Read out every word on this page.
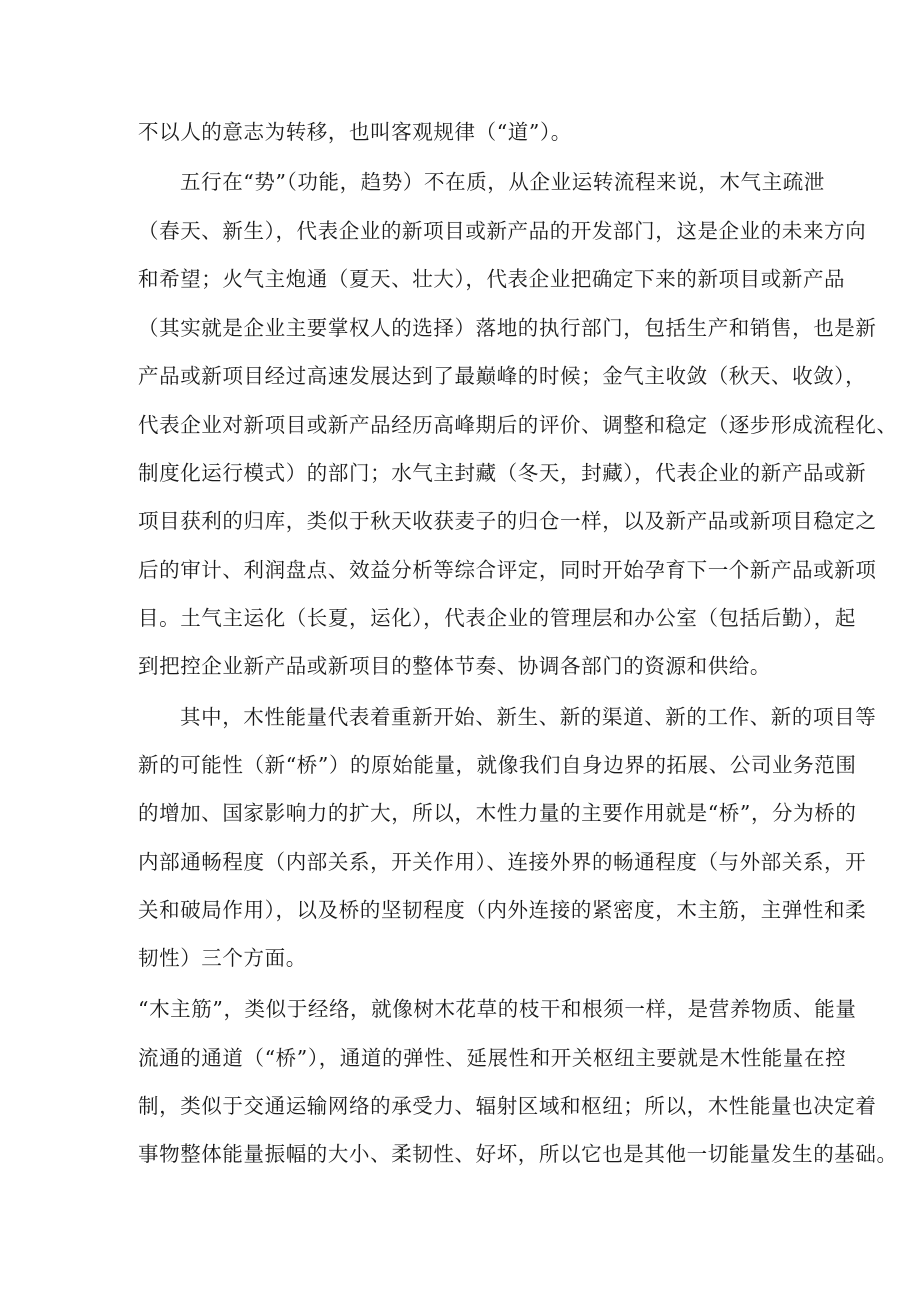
不以人的意志为转移，也叫客观规律（“道”）。
五行在“势”（功能，趋势）不在质，从企业运转流程来说，木气主疏泄
（春天、新生），代表企业的新项目或新产品的开发部门，这是企业的未来方向
和希望；火气主炮通（夏天、壮大），代表企业把确定下来的新项目或新产品
（其实就是企业主要掌权人的选择）落地的执行部门，包括生产和销售，也是新
产品或新项目经过高速发展达到了最巅峰的时候；金气主收敛（秋天、收敛），
代表企业对新项目或新产品经历高峰期后的评价、调整和稳定（逐步形成流程化、
制度化运行模式）的部门；水气主封藏（冬天，封藏），代表企业的新产品或新
项目获利的归库，类似于秋天收获麦子的归仓一样，以及新产品或新项目稳定之
后的审计、利润盘点、效益分析等综合评定，同时开始孕育下一个新产品或新项
目。土气主运化（长夏，运化），代表企业的管理层和办公室（包括后勤），起
到把控企业新产品或新项目的整体节奏、协调各部门的资源和供给。
其中，木性能量代表着重新开始、新生、新的渠道、新的工作、新的项目等
新的可能性（新“桥”）的原始能量，就像我们自身边界的拓展、公司业务范围
的增加、国家影响力的扩大，所以，木性力量的主要作用就是“桥”，分为桥的
内部通畅程度（内部关系，开关作用）、连接外界的畅通程度（与外部关系，开
关和破局作用），以及桥的坚韧程度（内外连接的紧密度，木主筋，主弹性和柔
韧性）三个方面。
“木主筋”，类似于经络，就像树木花草的枝干和根须一样，是营养物质、能量
流通的通道（“桥”），通道的弹性、延展性和开关枢纽主要就是木性能量在控
制，类似于交通运输网络的承受力、辐射区域和枢纽；所以，木性能量也决定着
事物整体能量振幅的大小、柔韧性、好坏，所以它也是其他一切能量发生的基础。
